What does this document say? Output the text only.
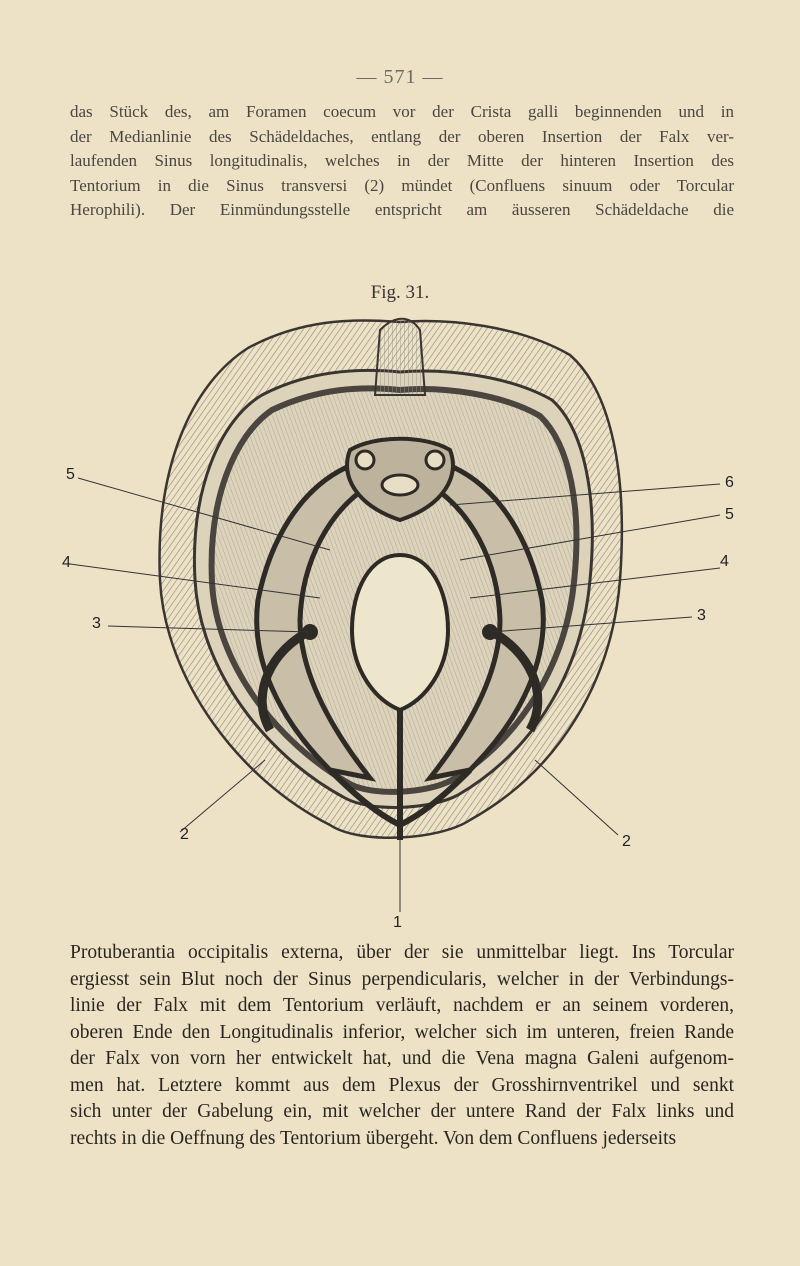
— 571 —

das Stück des, am Foramen coecum vor der Crista galli beginnenden und in
der Medianlinie des Schädeldaches, entlang der oberen Insertion der Falx ver-
laufenden Sinus longitudinalis, welches in der Mitte der hinteren Insertion des
Tentorium in die Sinus transversi (2) mündet (Confluens sinuum oder Torcular
Herophili). Der Einmündungsstelle entspricht am äusseren Schädeldache die

Fig. 31.
5
4
3
2
1
6
5
4
3
2

Protuberantia occipitalis externa, über der sie unmittelbar liegt. Ins Torcular
ergiesst sein Blut noch der Sinus perpendicularis, welcher in der Verbindungs-
linie der Falx mit dem Tentorium verläuft, nachdem er an seinem vorderen,
oberen Ende den Longitudinalis inferior, welcher sich im unteren, freien Rande
der Falx von vorn her entwickelt hat, und die Vena magna Galeni aufgenom-
men hat. Letztere kommt aus dem Plexus der Grosshirnventrikel und senkt
sich unter der Gabelung ein, mit welcher der untere Rand der Falx links und
rechts in die Oeffnung des Tentorium übergeht. Von dem Confluens jederseits
